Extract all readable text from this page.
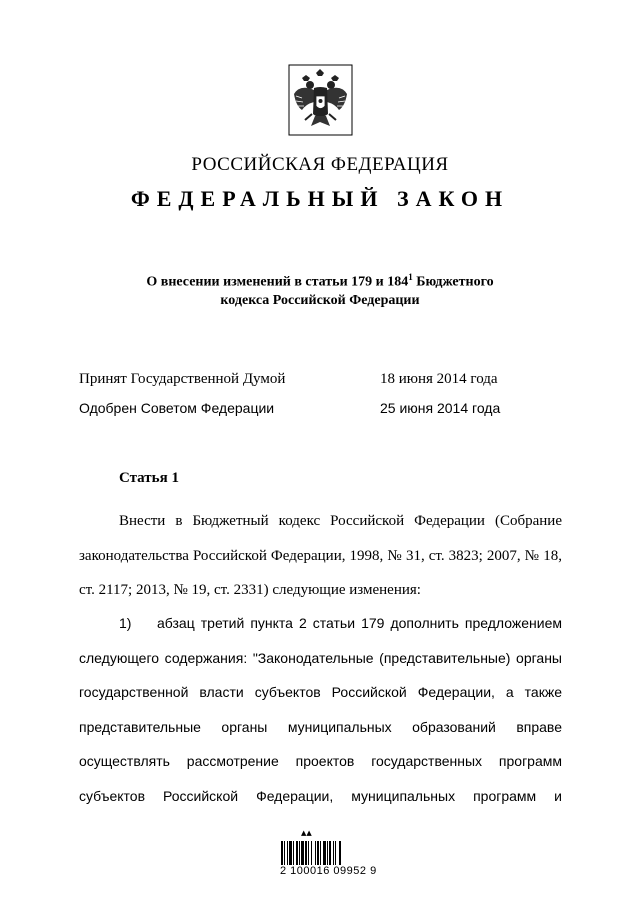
РОССИЙСКАЯ ФЕДЕРАЦИЯ
ФЕДЕРАЛЬНЫЙ ЗАКОН
О внесении изменений в статьи 179 и $184^1$ Бюджетного
кодекса Российской Федерации
Принят Государственной Думой	18 июня 2014 года
Одобрен Советом Федерации	25 июня 2014 года
Статья 1
Внести в Бюджетный кодекс Российской Федерации (Собрание законодательства Российской Федерации, 1998, № 31, ст. 3823; 2007, № 18, ст. 2117; 2013, № 19, ст. 2331) следующие изменения:
1) абзац третий пункта 2 статьи 179 дополнить предложением следующего содержания: "Законодательные (представительные) органы государственной власти субъектов Российской Федерации, а также представительные органы муниципальных образований вправе осуществлять рассмотрение проектов государственных программ субъектов Российской Федерации, муниципальных программ и
▲▲
2 100016 09952 9
